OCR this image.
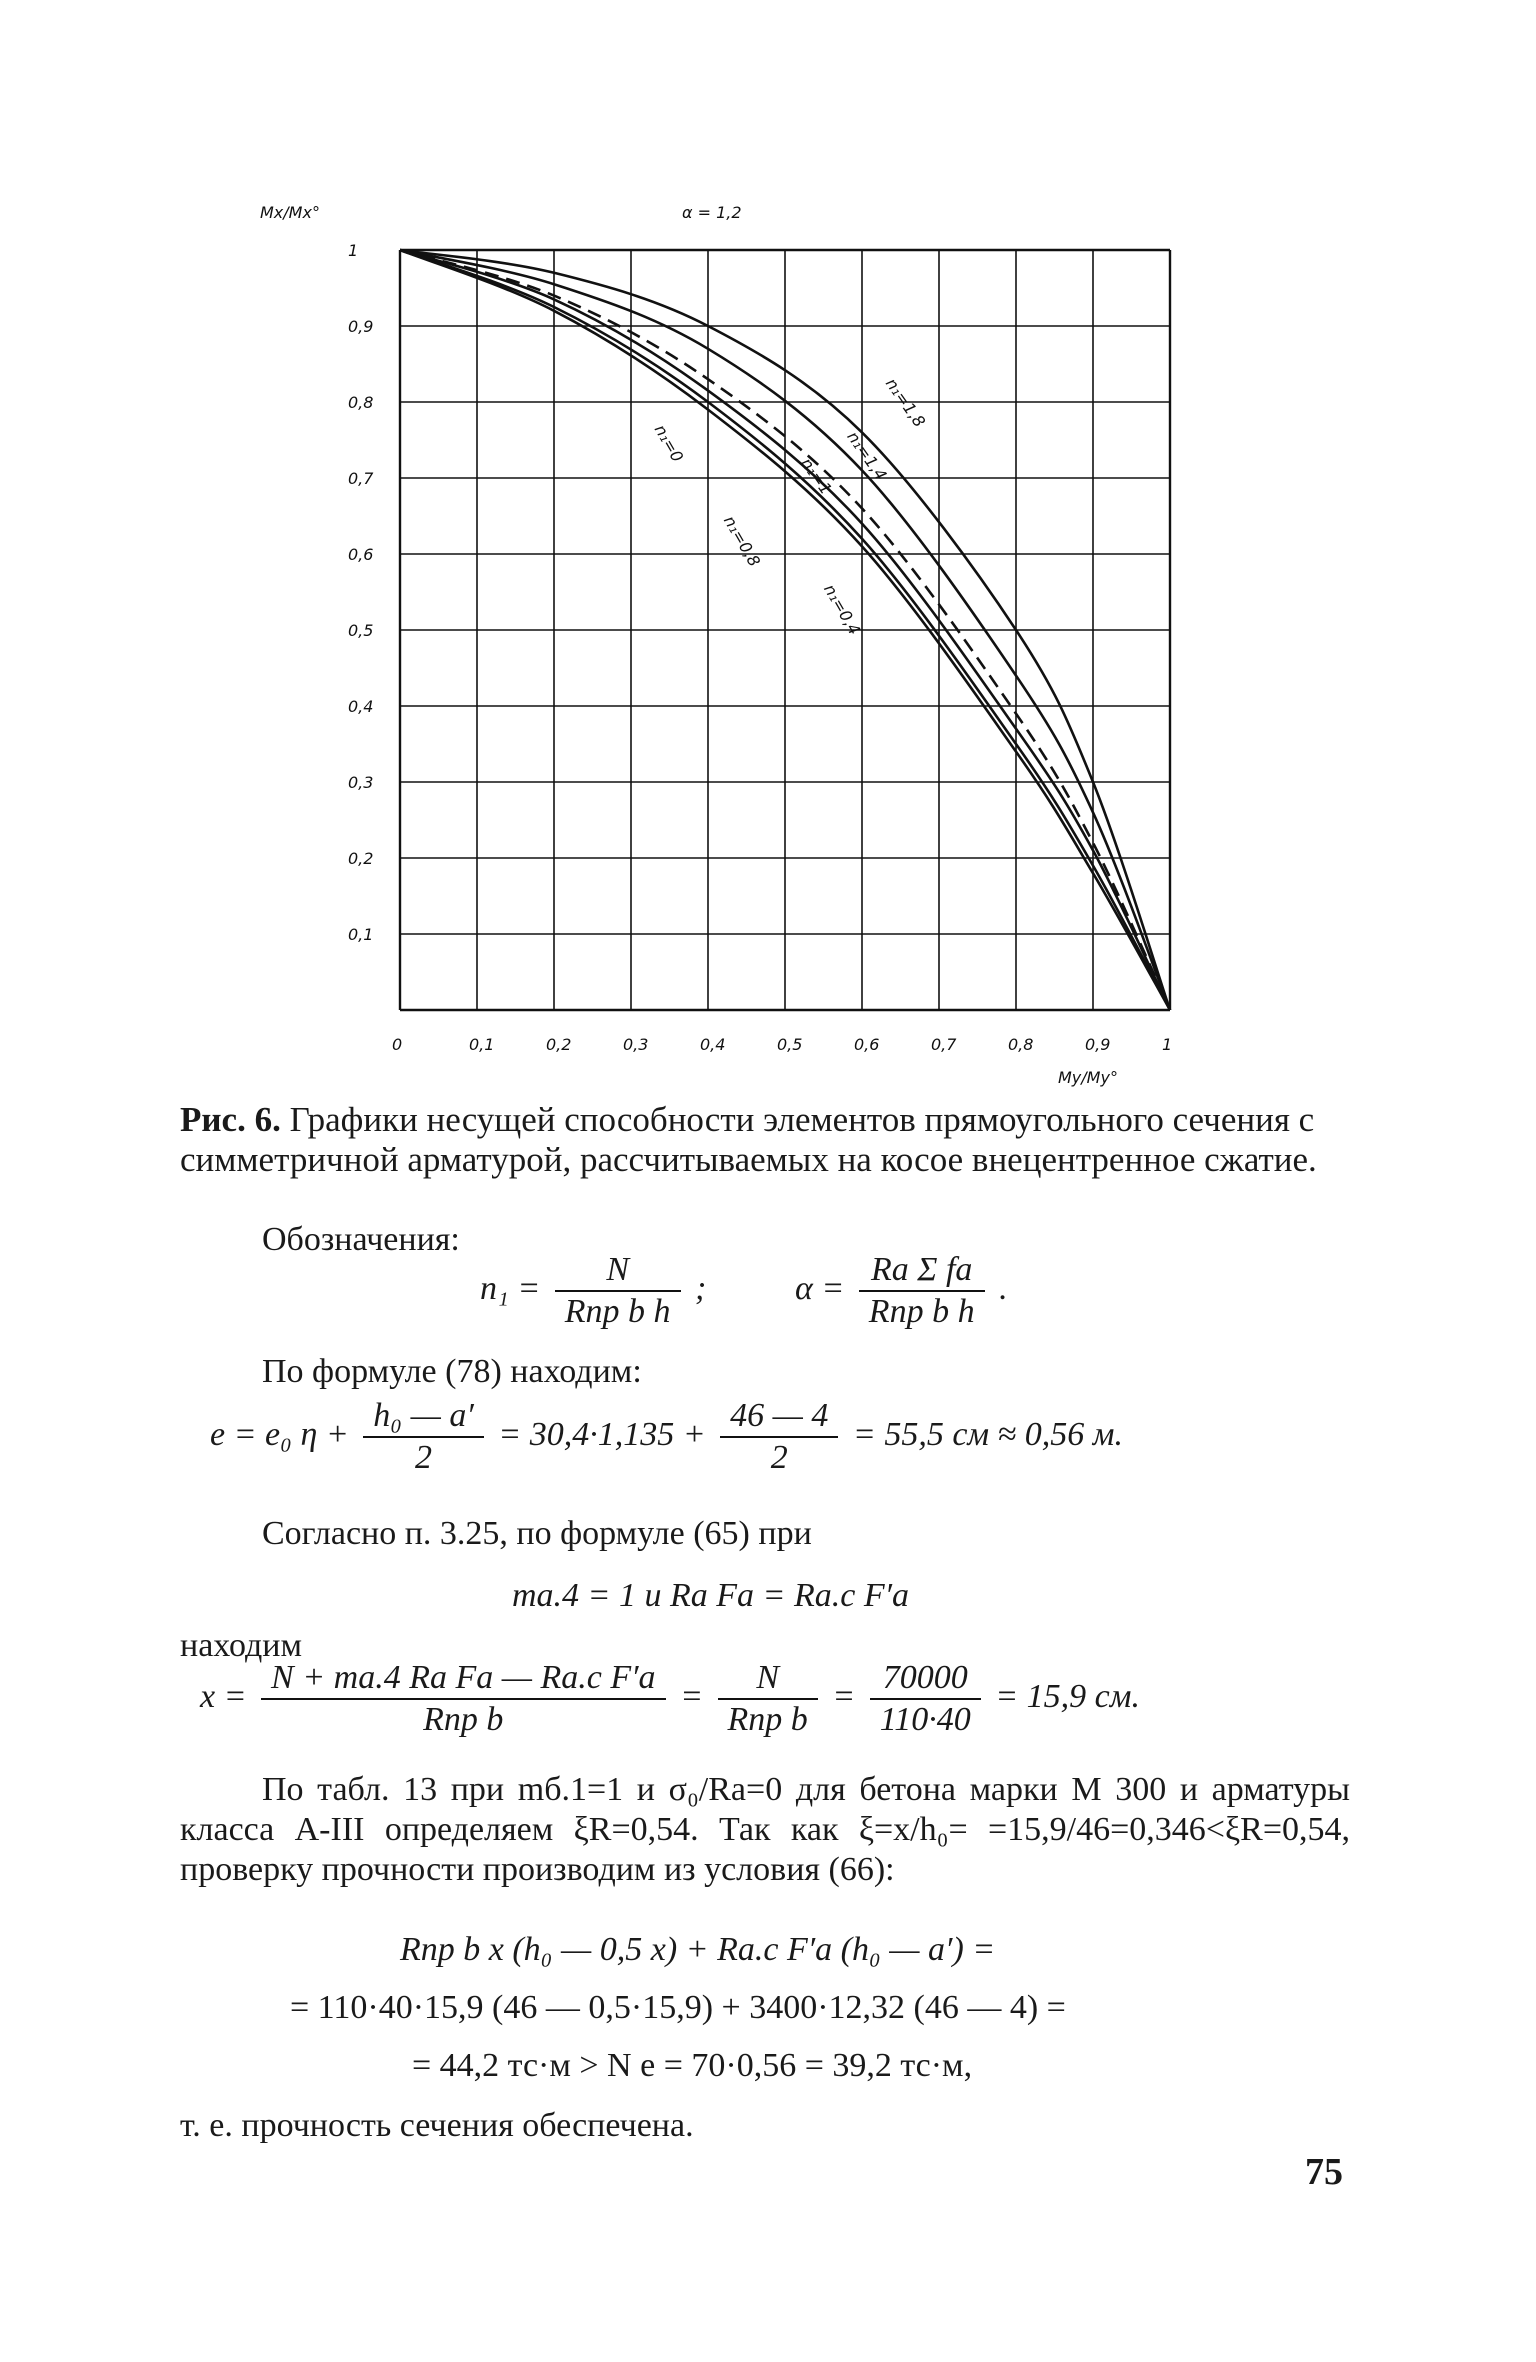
1
0,9
0,8
0,7
0,6
0,5
0,4
0,3
0,2
0,1
0	0,1	0,2	0,3	0,4	0,5	0,6	0,7	0,8	0,9	1
n₁=1,8
n₁=1,4
n₁=1
n₁=0,8
n₁=0,4
n₁=0
Mx/Mx°	α = 1,2
My/My°
Рис. 6. Графики несущей способности элементов прямоугольного сечения с симметричной арматурой, рассчитываемых на косое внецентренное сжатие.
Обозначения:
$n_1 = \frac{N}{\text{Rпр b h}}$ ;	$\alpha = \frac{\text{Rа Σ fа}}{\text{Rпр b h}}$ .
По формуле (78) находим:
e = e₀ $\eta + \frac{\text{h₀ — a′}}{2} = 30,4\cdot 1,135 + \frac{46 — 4}{2} = 55,5$ см ≈ 0,56 м.
Согласно п. 3.25, по формуле (65) при
mа.4 = 1 и Rа Fа = Rа.с F′а
находим
$x = \frac{\text{N + mа.4 Rа Fа — Rа.с F′а}}{\text{Rпр b}} = \frac{N}{\text{Rпр b}} = \frac{70000}{110\cdot 40} = 15,9$ см.
По табл. 13 при mб.1=1 и σ₀/Rа=0 для бетона марки М 300 и арматуры класса А-III определяем ξR=0,54. Так как ξ=x/h₀= =15,9/46=0,346<ξR=0,54, проверку прочности производим из условия (66):
Rпр b x (h₀ — 0,5 x) + Rа.с F′а (h₀ — a′) =
= 110·40·15,9 (46 — 0,5·15,9) + 3400·12,32 (46 — 4) =
= 44,2 тс·м > N e = 70·0,56 = 39,2 тс·м,
т. е. прочность сечения обеспечена.
75
